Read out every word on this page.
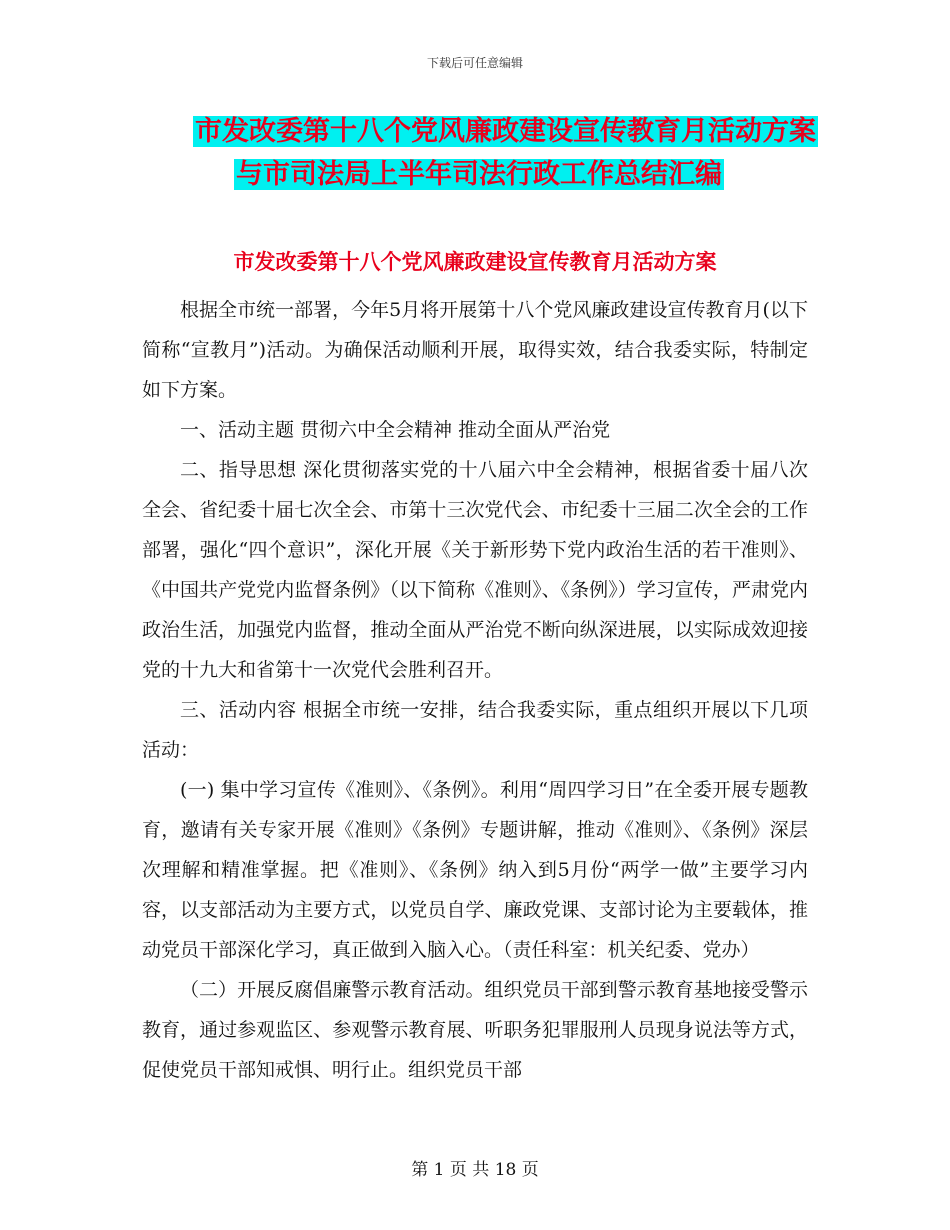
下载后可任意编辑
市发改委第十八个党风廉政建设宣传教育月活动方案
与市司法局上半年司法行政工作总结汇编
市发改委第十八个党风廉政建设宣传教育月活动方案

根据全市统一部署，今年5月将开展第十八个党风廉政建设宣传教育月(以下简称“宣教月”)活动。为确保活动顺利开展，取得实效，结合我委实际，特制定如下方案。

一、活动主题 贯彻六中全会精神 推动全面从严治党

二、指导思想 深化贯彻落实党的十八届六中全会精神，根据省委十届八次全会、省纪委十届七次全会、市第十三次党代会、市纪委十三届二次全会的工作部署，强化“四个意识”，深化开展《关于新形势下党内政治生活的若干准则》、《中国共产党党内监督条例》（以下简称《准则》、《条例》）学习宣传，严肃党内政治生活，加强党内监督，推动全面从严治党不断向纵深进展，以实际成效迎接党的十九大和省第十一次党代会胜利召开。

三、活动内容 根据全市统一安排，结合我委实际，重点组织开展以下几项活动：

(一) 集中学习宣传《准则》、《条例》。利用“周四学习日”在全委开展专题教育，邀请有关专家开展《准则》《条例》专题讲解，推动《准则》、《条例》深层次理解和精准掌握。把《准则》、《条例》纳入到5月份“两学一做”主要学习内容，以支部活动为主要方式，以党员自学、廉政党课、支部讨论为主要载体，推动党员干部深化学习，真正做到入脑入心。（责任科室：机关纪委、党办）

（二）开展反腐倡廉警示教育活动。组织党员干部到警示教育基地接受警示教育，通过参观监区、参观警示教育展、听职务犯罪服刑人员现身说法等方式，促使党员干部知戒惧、明行止。组织党员干部

第 1 页 共 18 页
